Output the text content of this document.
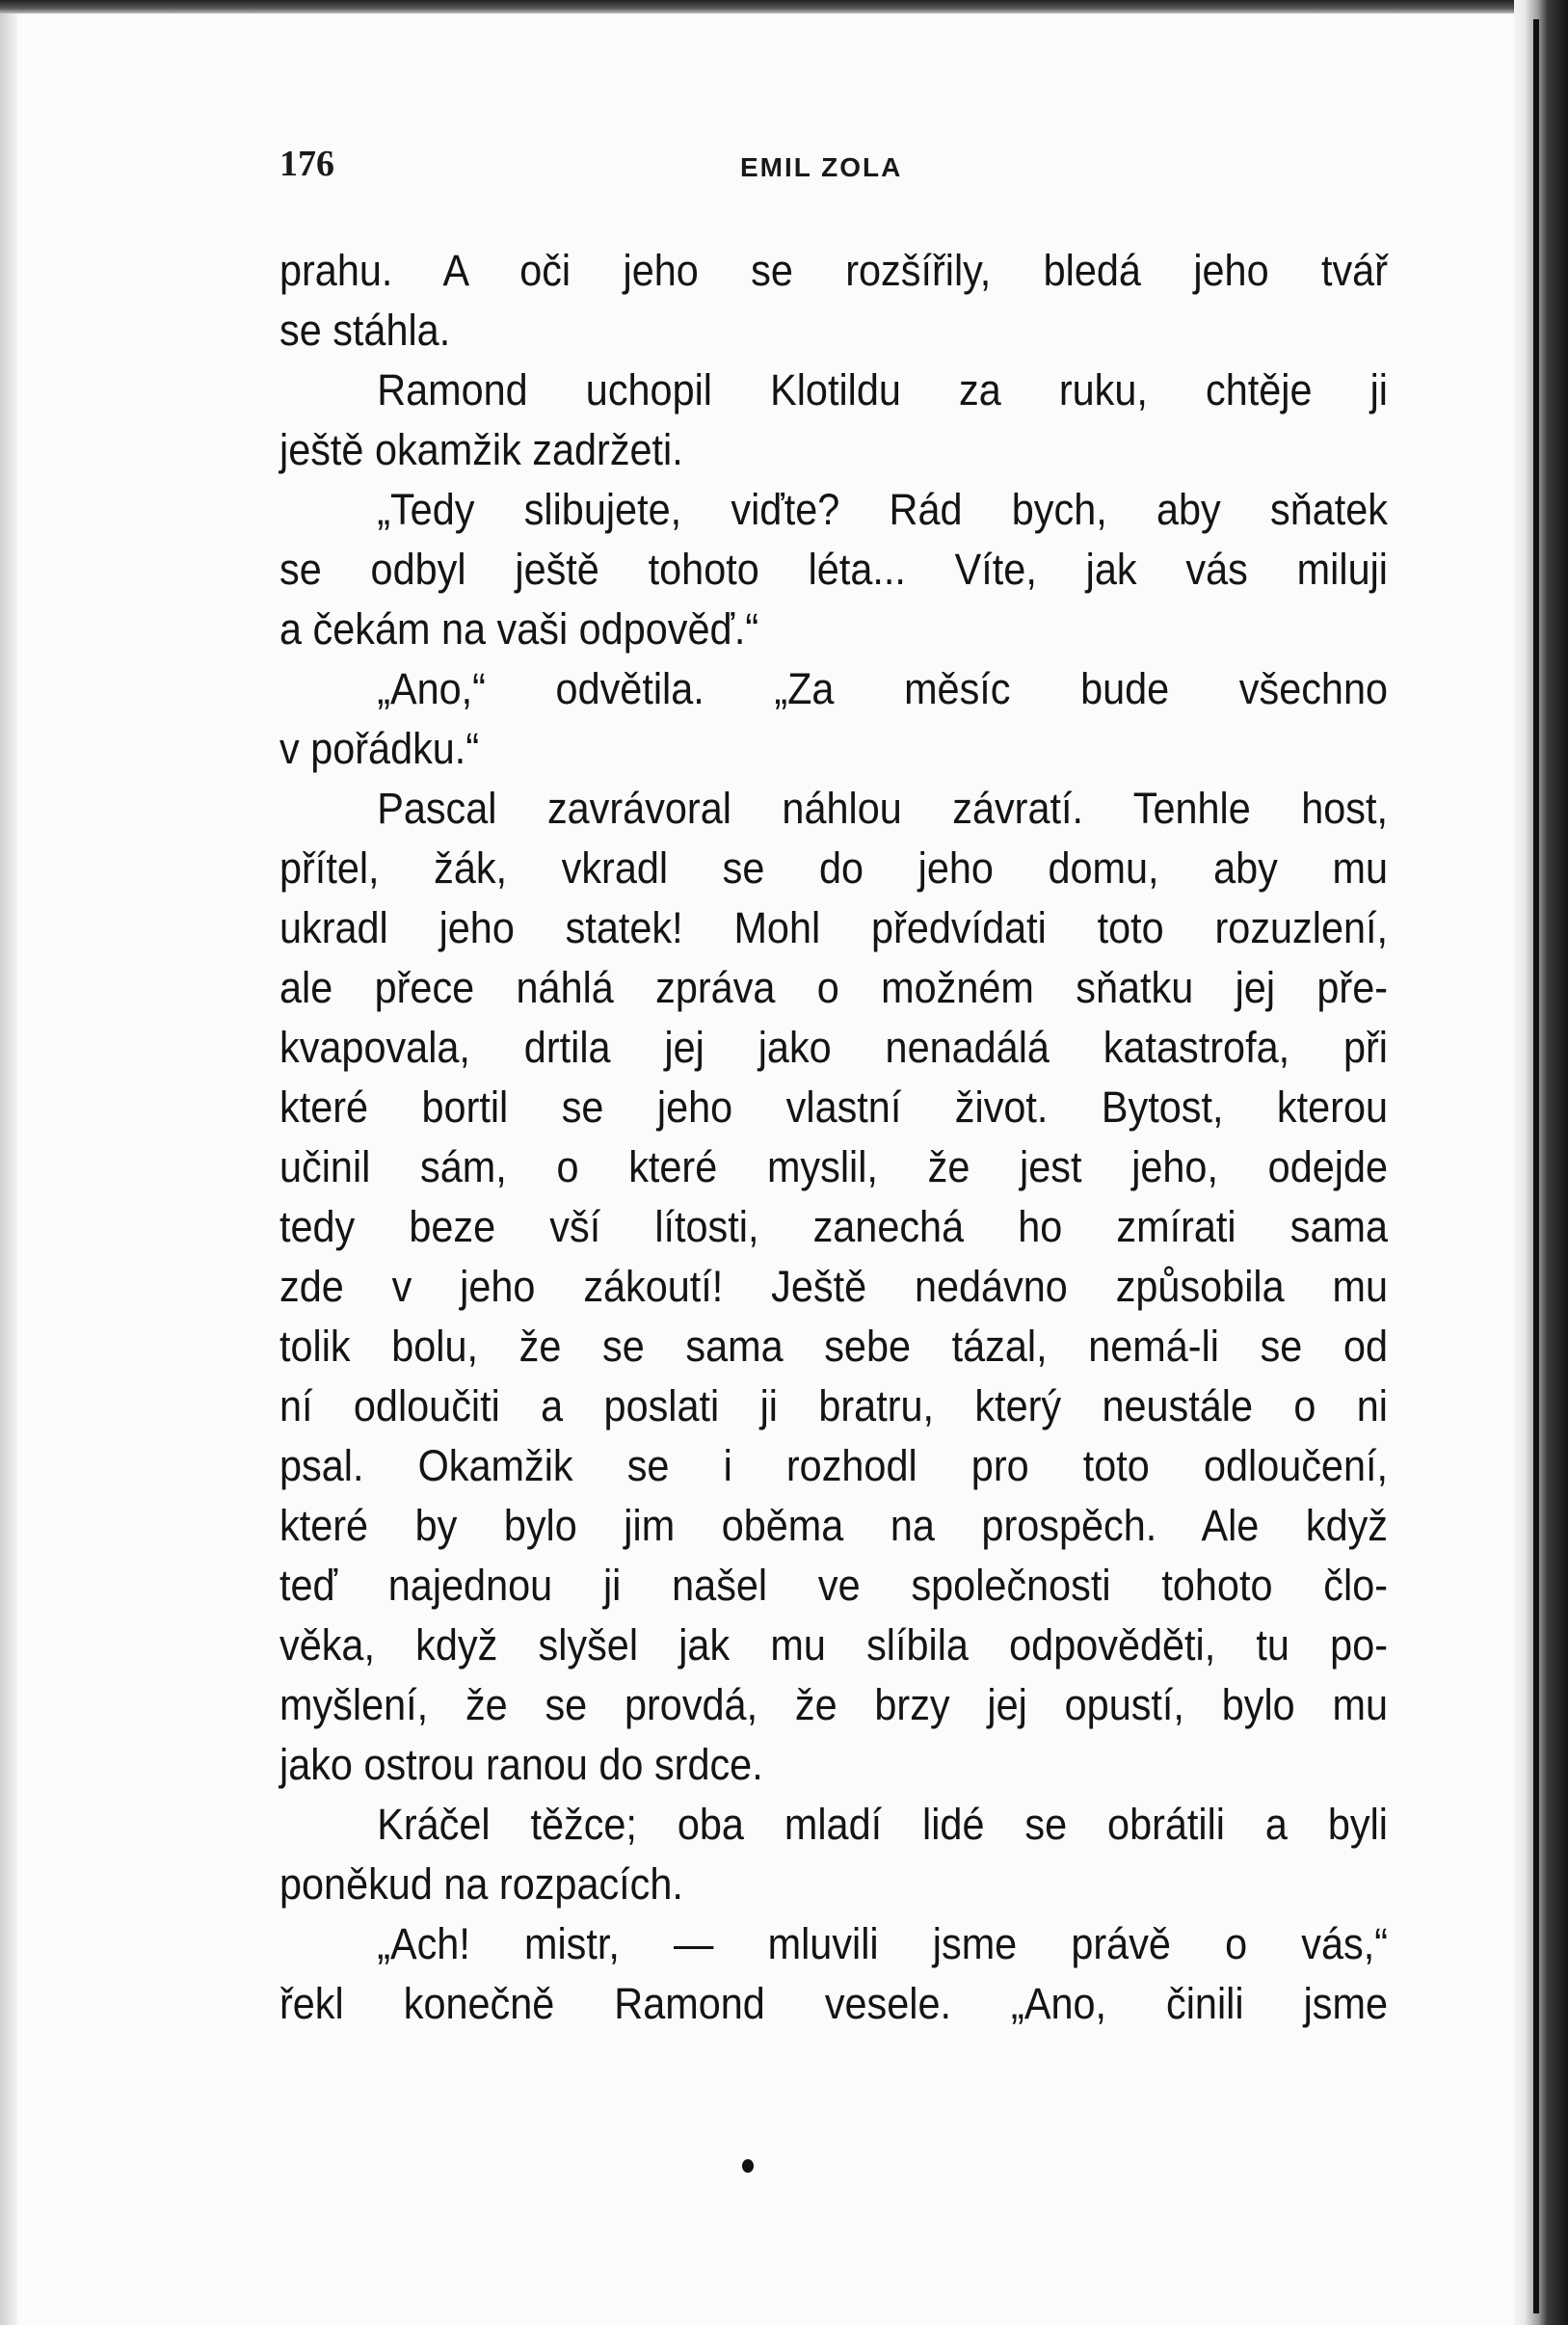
176	EMIL ZOLA
prahu. A oči jeho se rozšířily, bledá jeho tvář
se stáhla.
Ramond uchopil Klotildu za ruku, chtěje ji
ještě okamžik zadržeti.
„Tedy slibujete, viďte? Rád bych, aby sňatek
se odbyl ještě tohoto léta... Víte, jak vás miluji
a čekám na vaši odpověď.“
„Ano,“ odvětila. „Za měsíc bude všechno
v pořádku.“
Pascal zavrávoral náhlou závratí. Tenhle host,
přítel, žák, vkradl se do jeho domu, aby mu
ukradl jeho statek! Mohl předvídati toto rozuzlení,
ale přece náhlá zpráva o možném sňatku jej pře-
kvapovala, drtila jej jako nenadálá katastrofa, při
které bortil se jeho vlastní život. Bytost, kterou
učinil sám, o které myslil, že jest jeho, odejde
tedy beze vší lítosti, zanechá ho zmírati sama
zde v jeho zákoutí! Ještě nedávno způsobila mu
tolik bolu, že se sama sebe tázal, nemá-li se od
ní odloučiti a poslati ji bratru, který neustále o ni
psal. Okamžik se i rozhodl pro toto odloučení,
které by bylo jim oběma na prospěch. Ale když
teď najednou ji našel ve společnosti tohoto člo-
věka, když slyšel jak mu slíbila odpověděti, tu po-
myšlení, že se provdá, že brzy jej opustí, bylo mu
jako ostrou ranou do srdce.
Kráčel těžce; oba mladí lidé se obrátili a byli
poněkud na rozpacích.
„Ach! mistr, — mluvili jsme právě o vás,“
řekl konečně Ramond vesele. „Ano, činili jsme
